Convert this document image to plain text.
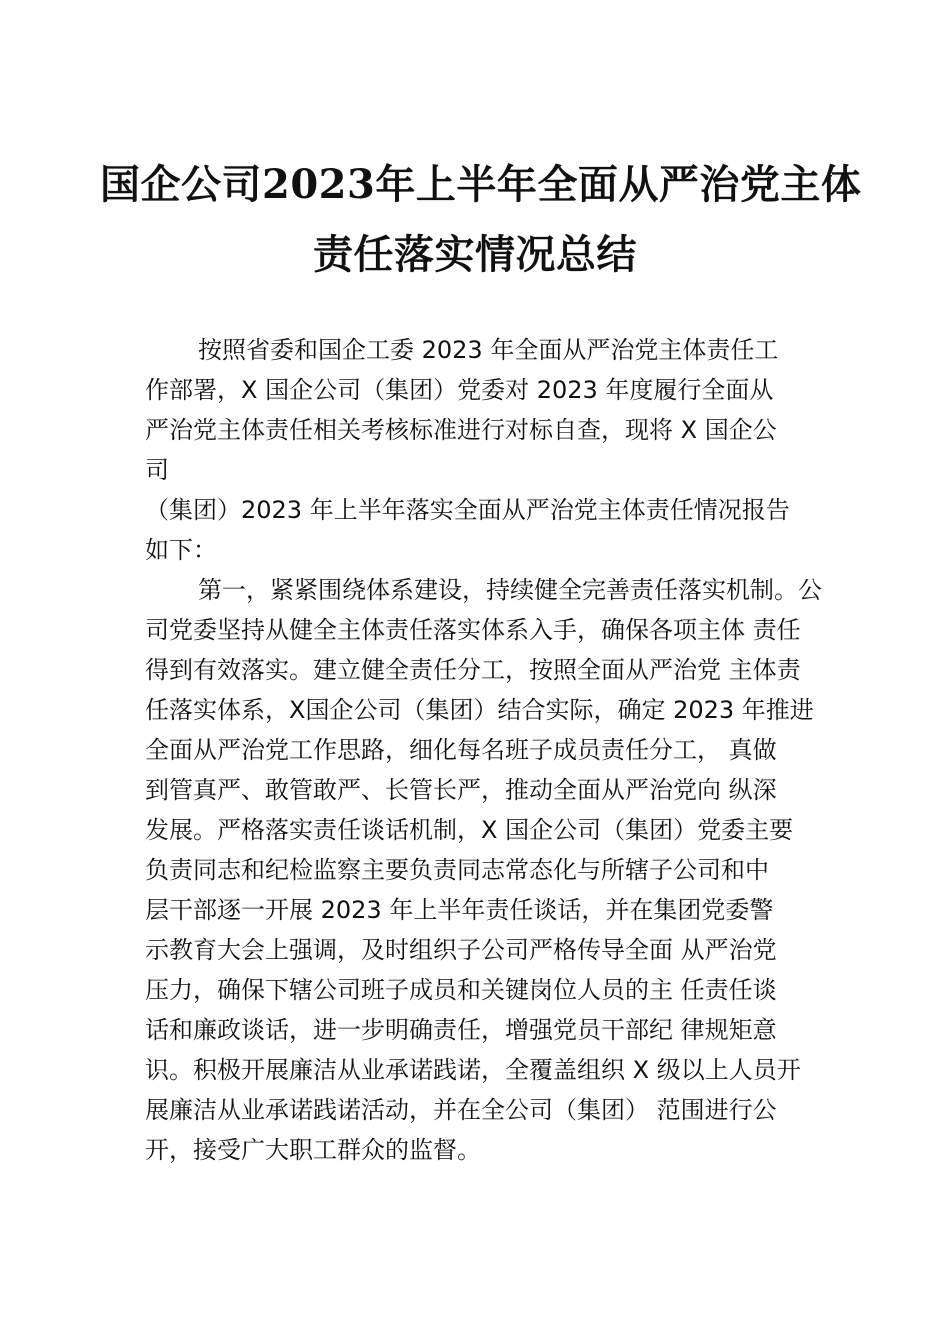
国企公司2023年上半年全面从严治党主体
责任落实情况总结
按照省委和国企工委 2023 年全面从严治党主体责任工
作部署，X 国企公司（集团）党委对 2023 年度履行全面从
严治党主体责任相关考核标准进行对标自查，现将 X 国企公
司
（集团）2023 年上半年落实全面从严治党主体责任情况报告
如下：
第一，紧紧围绕体系建设，持续健全完善责任落实机制。公
司党委坚持从健全主体责任落实体系入手，确保各项主体 责任
得到有效落实。建立健全责任分工，按照全面从严治党 主体责
任落实体系，X国企公司（集团）结合实际，确定 2023 年推进
全面从严治党工作思路，细化每名班子成员责任分工， 真做
到管真严、敢管敢严、长管长严，推动全面从严治党向 纵深
发展。严格落实责任谈话机制，X 国企公司（集团）党委主要
负责同志和纪检监察主要负责同志常态化与所辖子公司和中
层干部逐一开展 2023 年上半年责任谈话，并在集团党委警
示教育大会上强调，及时组织子公司严格传导全面 从严治党
压力，确保下辖公司班子成员和关键岗位人员的主 任责任谈
话和廉政谈话，进一步明确责任，增强党员干部纪 律规矩意
识。积极开展廉洁从业承诺践诺，全覆盖组织 X 级以上人员开
展廉洁从业承诺践诺活动，并在全公司（集团） 范围进行公
开，接受广大职工群众的监督。
